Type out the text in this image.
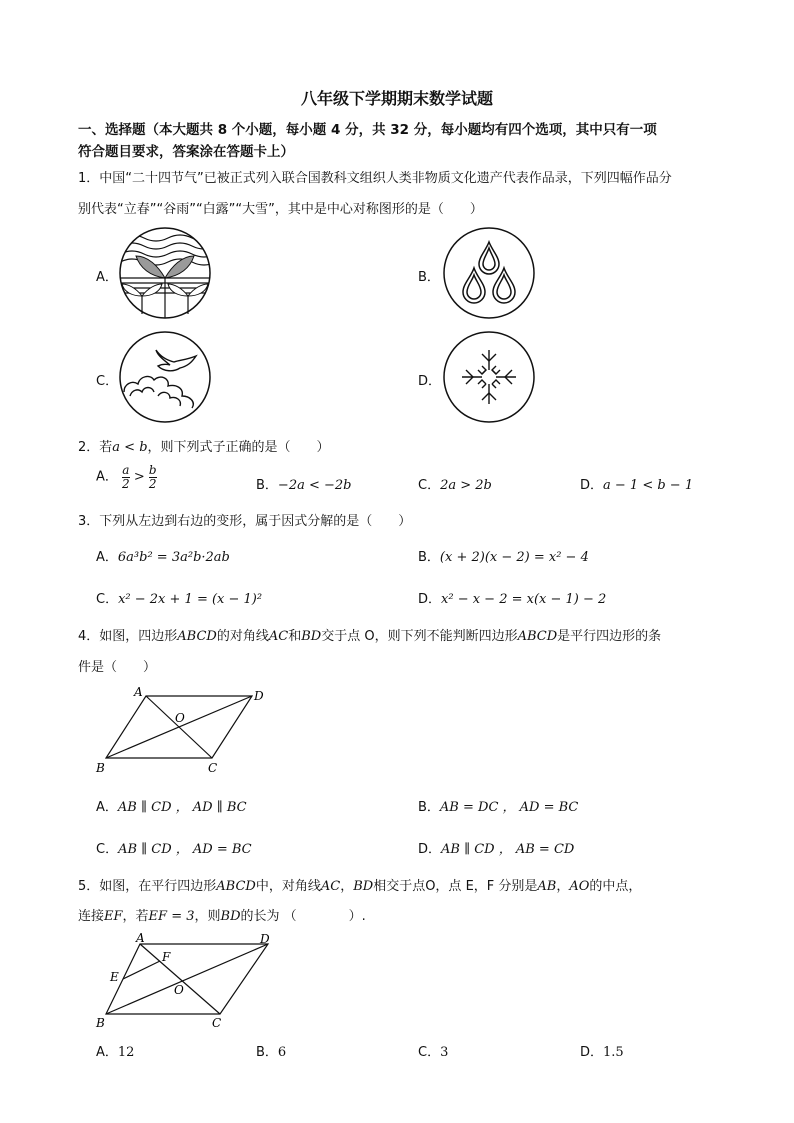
八年级下学期期末数学试题
一、选择题（本大题共 8 个小题，每小题 4 分，共 32 分，每小题均有四个选项，其中只有一项
符合题目要求，答案涂在答题卡上）
1．中国“二十四节气”已被正式列入联合国教科文组织人类非物质文化遗产代表作品录，下列四幅作品分
别代表“立春”“谷雨”“白露”“大雪”，其中是中心对称图形的是（　　）
A．	B．
C．	D．
2．若a < b，则下列式子正确的是（　　）
A． $\frac{a}{2} > \frac{b}{2}$	B．−2a < −2b	C．2a > 2b	D．a − 1 < b − 1
3．下列从左边到右边的变形，属于因式分解的是（　　）
A．6a³b² = 3a²b·2ab	B．(x + 2)(x − 2) = x² − 4
C．x² − 2x + 1 = (x − 1)²	D．x² − x − 2 = x(x − 1) − 2
4．如图，四边形ABCD的对角线AC和BD交于点 O，则下列不能判断四边形ABCD是平行四边形的条
件是（　　）
A	D
B	C
O
A．AB ∥ CD ， AD ∥ BC	B．AB = DC ， AD = BC
C．AB ∥ CD ， AD = BC	D．AB ∥ CD ， AB = CD
5．如图，在平行四边形ABCD中，对角线AC，BD相交于点O，点 E，F 分别是AB，AO的中点，
连接EF，若EF = 3，则BD的长为 （　　　　）.
A	D
B	C
E
F
O
A．12	B．6	C．3	D．1.5
